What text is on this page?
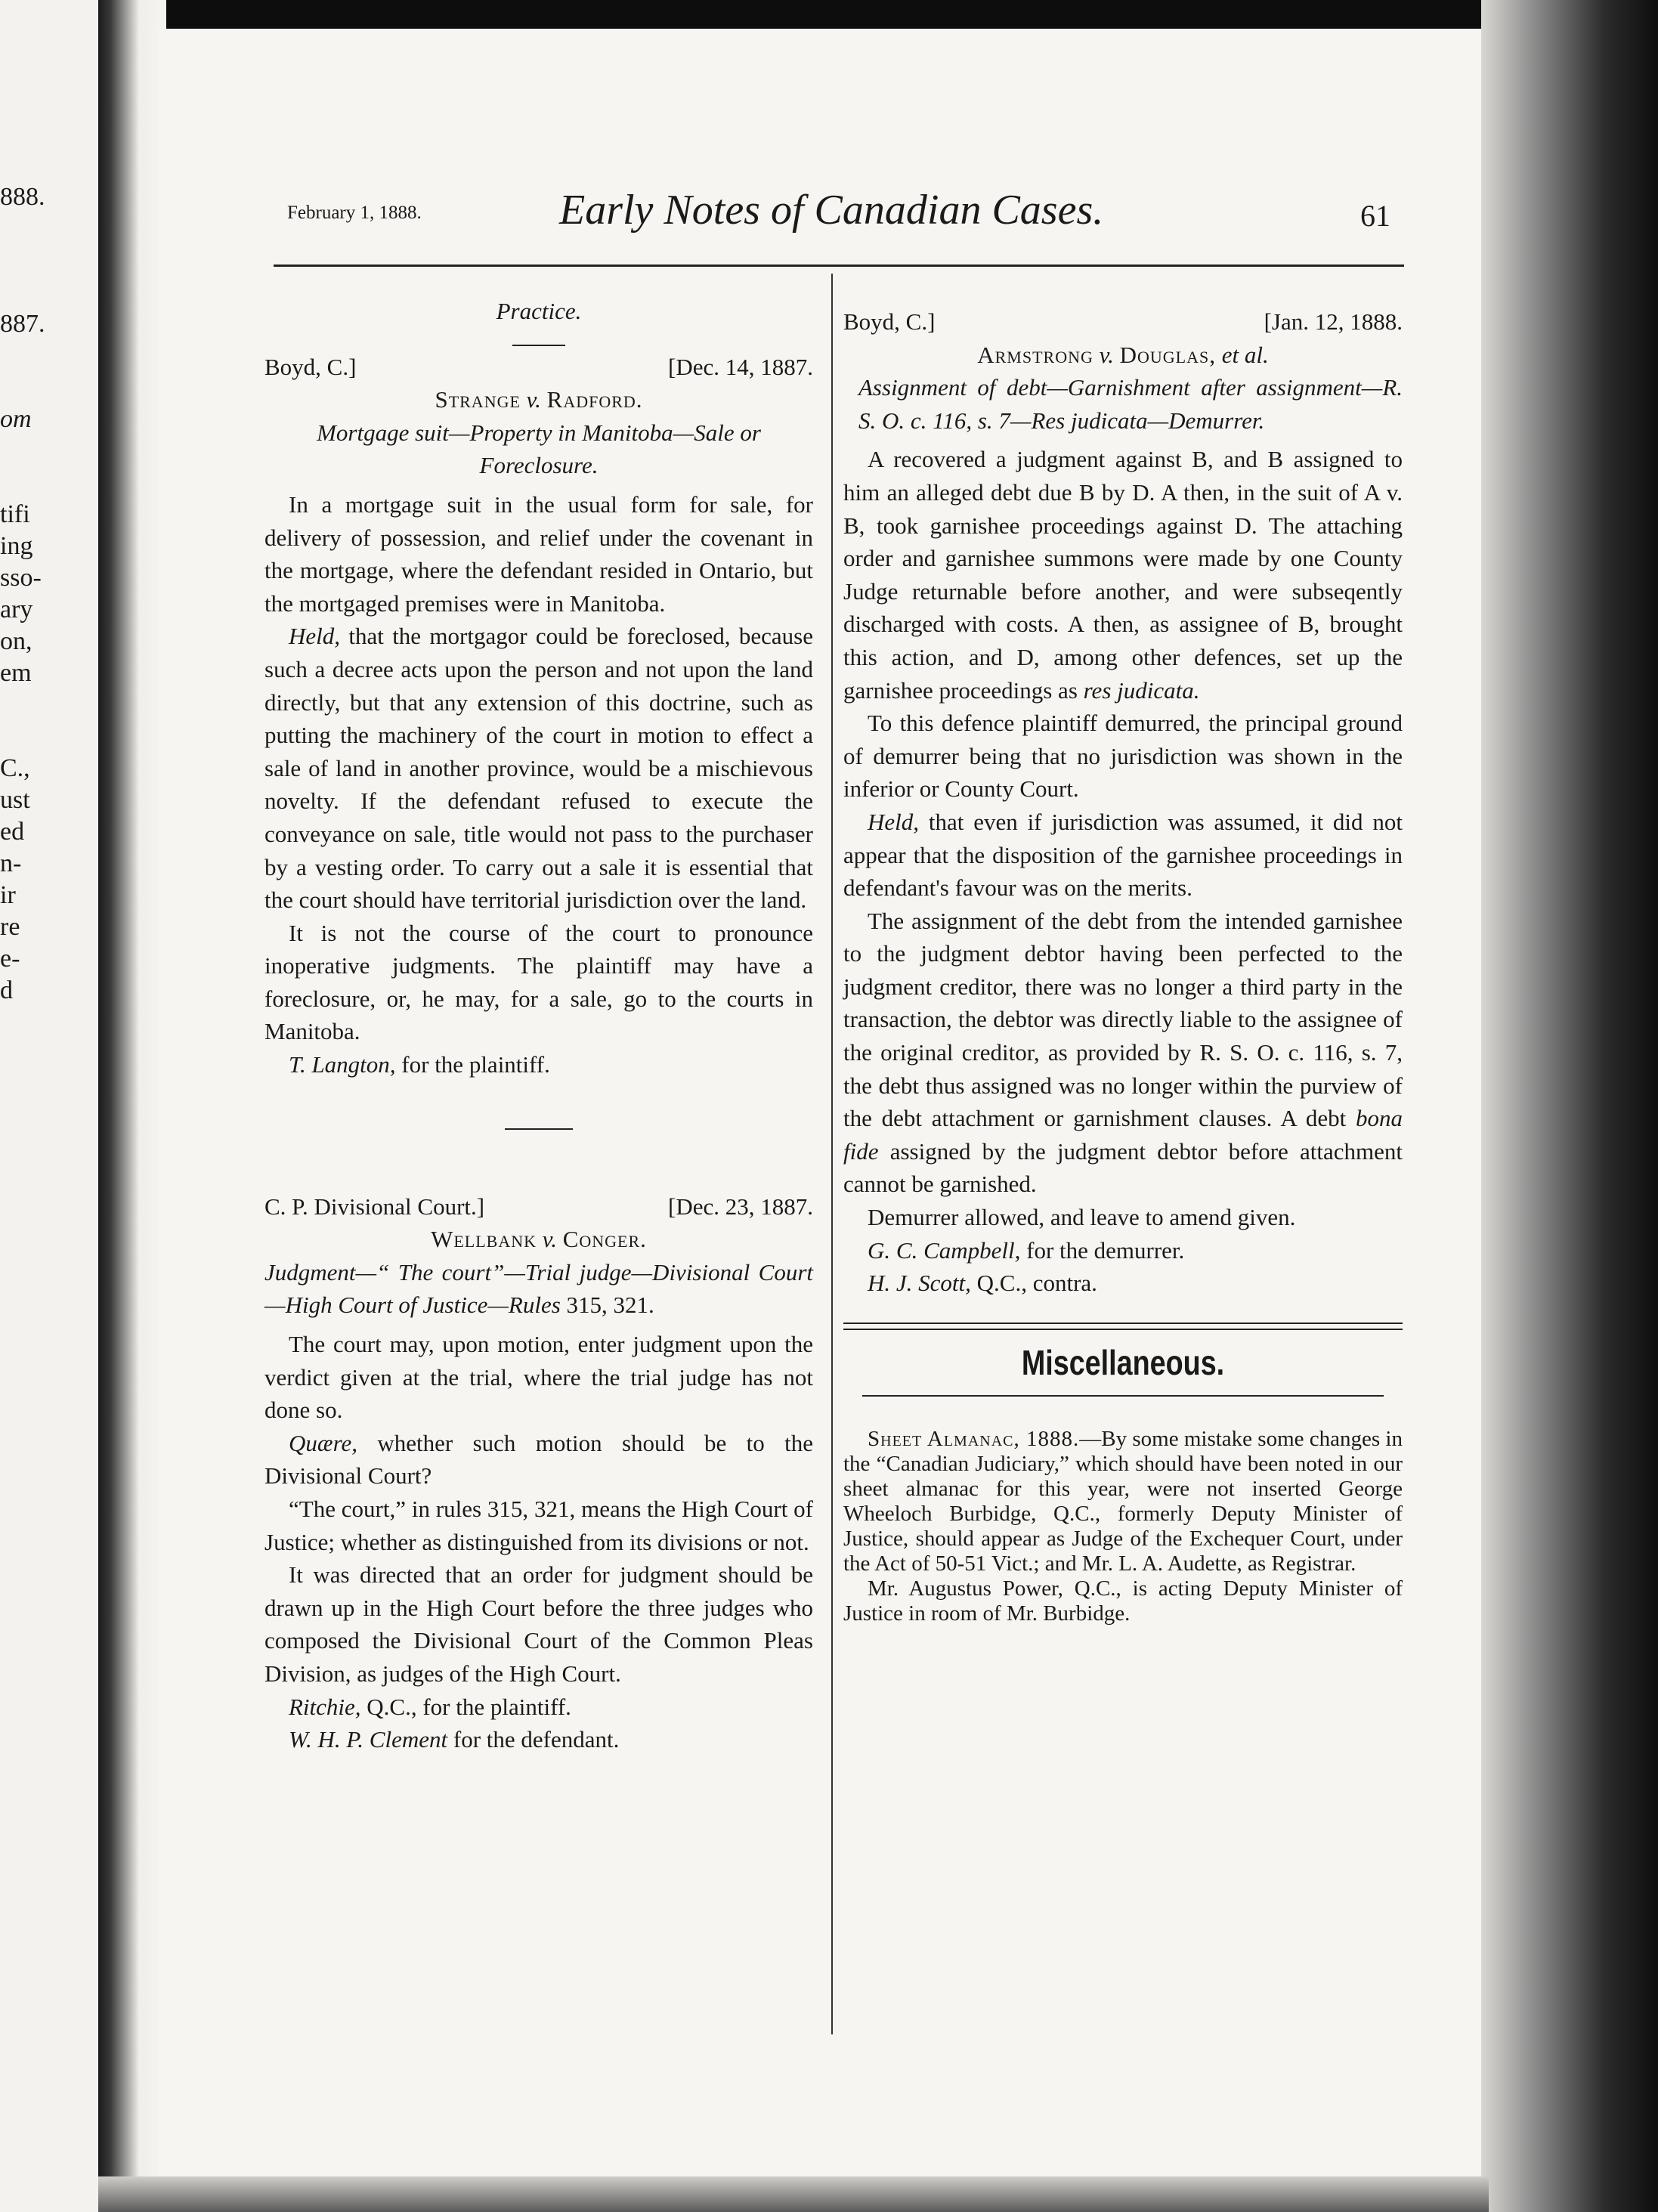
888.
887.
om
tifi
ing
sso-
ary
on,
em
C.,
ust
ed
n-
ir
re
e-
d
February 1, 1888.	Early Notes of Canadian Cases.	61

Practice.

Boyd, C.]	[Dec. 14, 1887.

Strange v. Radford.

Mortgage suit—Property in Manitoba—Sale or Foreclosure.

In a mortgage suit in the usual form for sale, for delivery of possession, and relief under the covenant in the mortgage, where the defendant resided in Ontario, but the mortgaged premises were in Manitoba.

Held, that the mortgagor could be foreclosed, because such a decree acts upon the person and not upon the land directly, but that any extension of this doctrine, such as putting the machinery of the court in motion to effect a sale of land in another province, would be a mischievous novelty. If the defendant refused to execute the conveyance on sale, title would not pass to the purchaser by a vesting order. To carry out a sale it is essential that the court should have territorial jurisdiction over the land.

It is not the course of the court to pronounce inoperative judgments. The plaintiff may have a foreclosure, or, he may, for a sale, go to the courts in Manitoba.

T. Langton, for the plaintiff.

C. P. Divisional Court.]	[Dec. 23, 1887.

Wellbank v. Conger.

Judgment—“ The court”—Trial judge—Divisional Court—High Court of Justice—Rules 315, 321.

The court may, upon motion, enter judgment upon the verdict given at the trial, where the trial judge has not done so.

Quære, whether such motion should be to the Divisional Court?

“The court,” in rules 315, 321, means the High Court of Justice; whether as distinguished from its divisions or not.

It was directed that an order for judgment should be drawn up in the High Court before the three judges who composed the Divisional Court of the Common Pleas Division, as judges of the High Court.

Ritchie, Q.C., for the plaintiff.

W. H. P. Clement for the defendant.

Boyd, C.]	[Jan. 12, 1888.

Armstrong v. Douglas, et al.

Assignment of debt—Garnishment after assignment—R. S. O. c. 116, s. 7—Res judicata—Demurrer.

A recovered a judgment against B, and B assigned to him an alleged debt due B by D. A then, in the suit of A v. B, took garnishee proceedings against D. The attaching order and garnishee summons were made by one County Judge returnable before another, and were subseqently discharged with costs. A then, as assignee of B, brought this action, and D, among other defences, set up the garnishee proceedings as res judicata.

To this defence plaintiff demurred, the principal ground of demurrer being that no jurisdiction was shown in the inferior or County Court.

Held, that even if jurisdiction was assumed, it did not appear that the disposition of the garnishee proceedings in defendant's favour was on the merits.

The assignment of the debt from the intended garnishee to the judgment debtor having been perfected to the judgment creditor, there was no longer a third party in the transaction, the debtor was directly liable to the assignee of the original creditor, as provided by R. S. O. c. 116, s. 7, the debt thus assigned was no longer within the purview of the debt attachment or garnishment clauses. A debt bona fide assigned by the judgment debtor before attachment cannot be garnished.

Demurrer allowed, and leave to amend given.

G. C. Campbell, for the demurrer.

H. J. Scott, Q.C., contra.

Miscellaneous.

Sheet Almanac, 1888.—By some mistake some changes in the “Canadian Judiciary,” which should have been noted in our sheet almanac for this year, were not inserted George Wheeloch Burbidge, Q.C., formerly Deputy Minister of Justice, should appear as Judge of the Exchequer Court, under the Act of 50-51 Vict.; and Mr. L. A. Audette, as Registrar.

Mr. Augustus Power, Q.C., is acting Deputy Minister of Justice in room of Mr. Burbidge.
